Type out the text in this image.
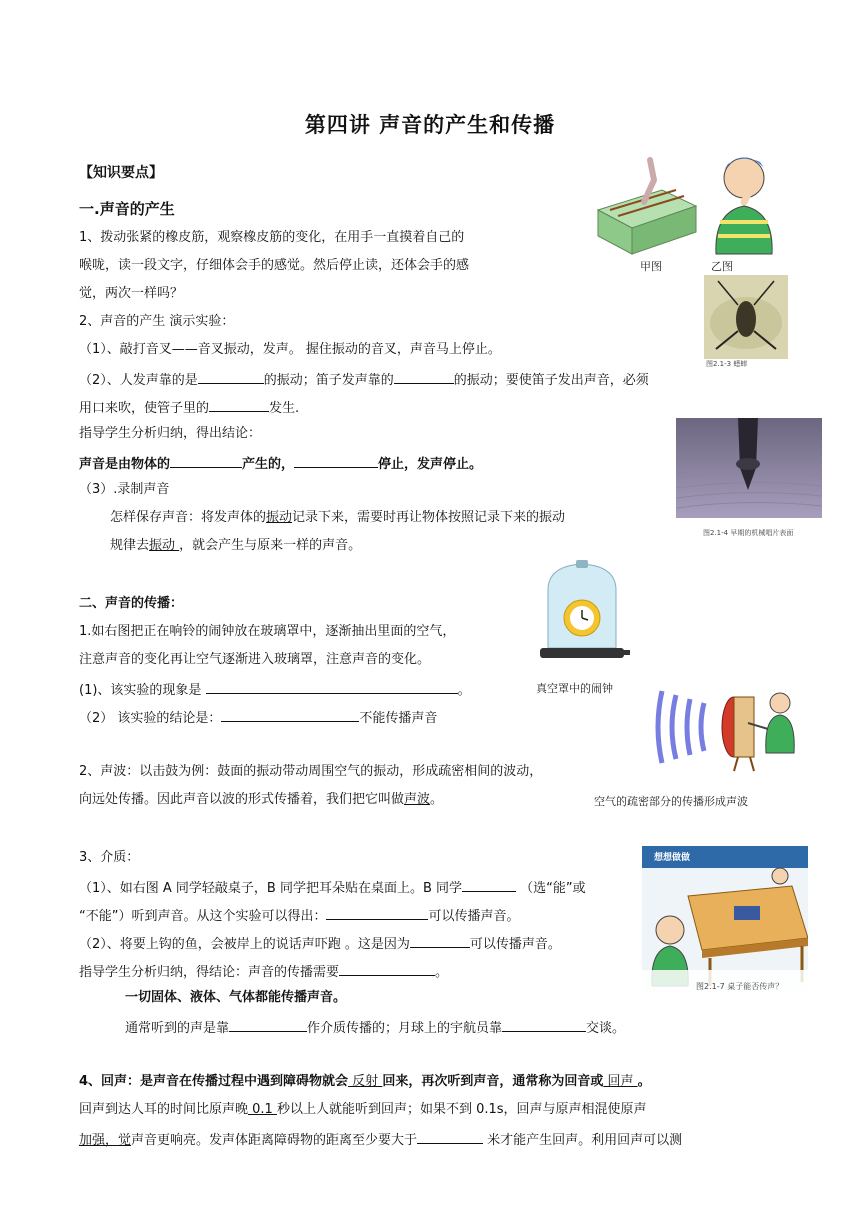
第四讲 声音的产生和传播
【知识要点】
一.声音的产生
1、拨动张紧的橡皮筋，观察橡皮筋的变化，在用手一直摸着自己的
喉咙，读一段文字，仔细体会手的感觉。然后停止读，还体会手的感
觉，两次一样吗？
甲图	乙图
图2.1-3 蟋蟀
2、声音的产生 演示实验：
（1）、敲打音叉——音叉振动，发声。 握住振动的音叉，声音马上停止。
（2）、人发声靠的是	的振动；笛子发声靠的	的振动；要使笛子发出声音，必须
用口来吹，使管子里的	发生.
指导学生分析归纳，得出结论：
声音是由物体的	产生的，	停止，发声停止。
（3）.录制声音
怎样保存声音：将发声体的振动记录下来，需要时再让物体按照记录下来的振动
规律去振动 ，就会产生与原来一样的声音。
图2.1-4 早期的机械唱片表面
二、声音的传播：
1.如右图把正在响铃的闹钟放在玻璃罩中，逐渐抽出里面的空气，
注意声音的变化再让空气逐渐进入玻璃罩，注意声音的变化。
(1)、该实验的现象是	。
（2） 该实验的结论是：	不能传播声音
真空罩中的闹钟
2、声波：以击鼓为例：鼓面的振动带动周围空气的振动，形成疏密相间的波动，
向远处传播。因此声音以波的形式传播着，我们把它叫做声波。	空气的疏密部分的传播形成声波
3、介质：
（1）、如右图 A 同学轻敲桌子，B 同学把耳朵贴在桌面上。B 同学	（选“能”或
“不能”）听到声音。从这个实验可以得出：	可以传播声音。
（2）、将要上钩的鱼，会被岸上的说话声吓跑 。这是因为	可以传播声音。
指导学生分析归纳，得结论：声音的传播需要	。
一切固体、液体、气体都能传播声音。
通常听到的声是靠	作介质传播的；月球上的宇航员靠	交谈。
想想做做
图2.1-7 桌子能否传声？
4、回声：是声音在传播过程中遇到障碍物就会 反射 回来，再次听到声音，通常称为回音或 回声 。
回声到达人耳的时间比原声晚 0.1 秒以上人就能听到回声；如果不到 0.1s，回声与原声相混使原声
加强，觉声音更响亮。发声体距离障碍物的距离至少要大于	米才能产生回声。利用回声可以测
